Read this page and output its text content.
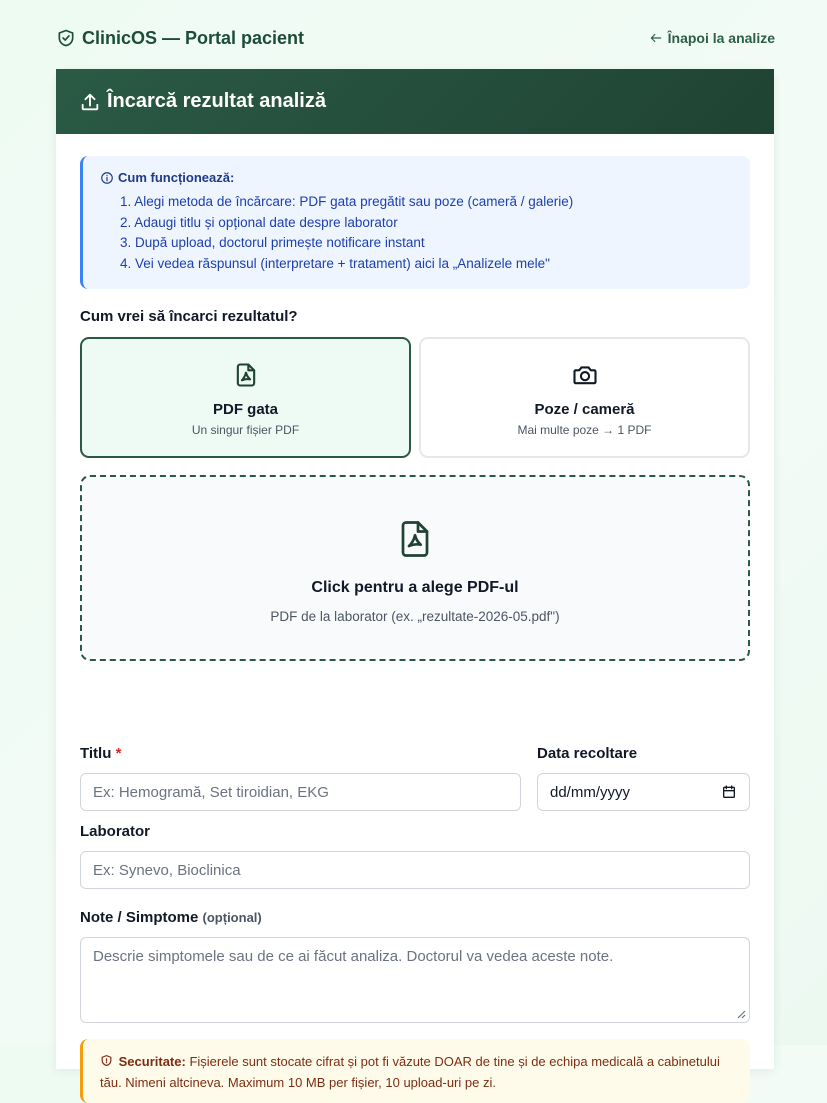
ClinicOS — Portal pacient	Înapoi la analize
Încarcă rezultat analiză
Cum funcționează:
1. Alegi metoda de încărcare: PDF gata pregătit sau poze (cameră / galerie)
2. Adaugi titlu și opțional date despre laborator
3. După upload, doctorul primește notificare instant
4. Vei vedea răspunsul (interpretare + tratament) aici la „Analizele mele"
Cum vrei să încarci rezultatul?
PDF gata
Un singur fișier PDF
Poze / cameră
Mai multe poze → 1 PDF
Click pentru a alege PDF-ul
PDF de la laborator (ex. „rezultate-2026-05.pdf")
Titlu *
Ex: Hemogramă, Set tiroidian, EKG	Data recoltare
dd/mm/yyyy
Laborator
Ex: Synevo, Bioclinica
Note / Simptome (opțional)
Descrie simptomele sau de ce ai făcut analiza. Doctorul va vedea aceste note.
Securitate: Fișierele sunt stocate cifrat și pot fi văzute DOAR de tine și de echipa medicală a cabinetului tău. Nimeni altcineva. Maximum 10 MB per fișier, 10 upload-uri pe zi.
